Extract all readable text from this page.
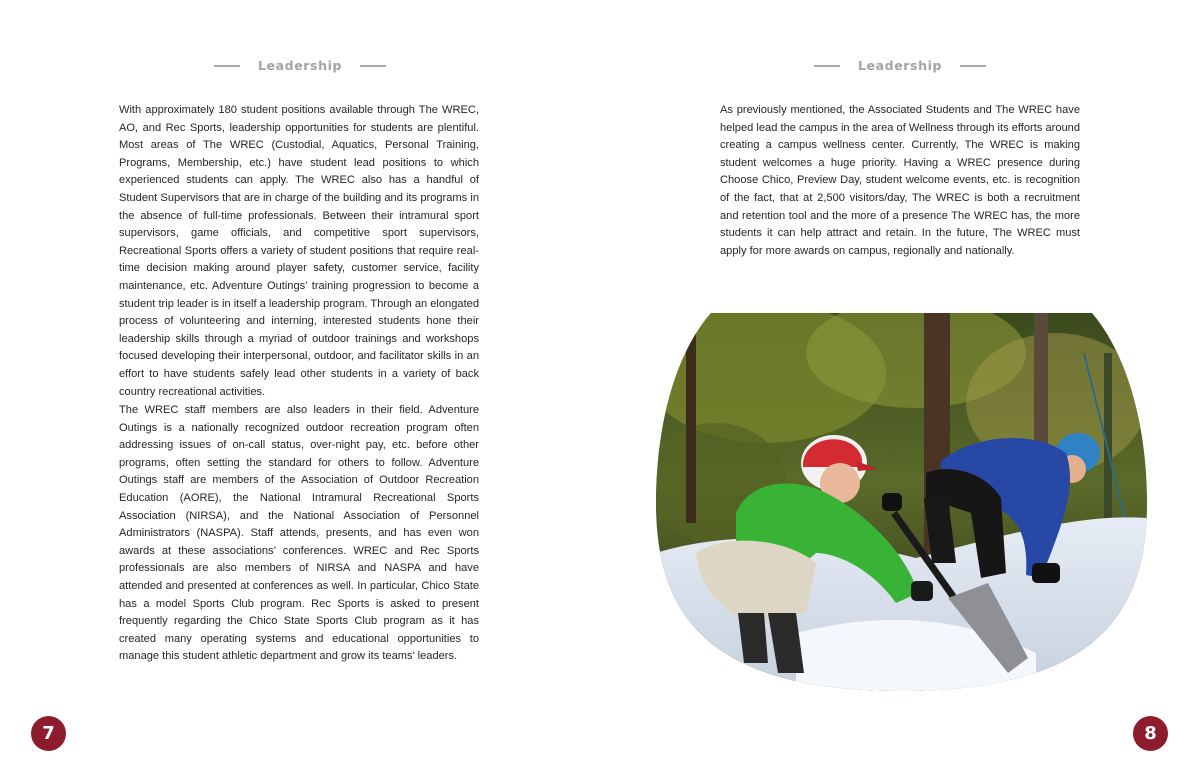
Leadership

With approximately 180 student positions available through The WREC, AO, and Rec Sports, leadership opportunities for students are plentiful. Most areas of The WREC (Custodial, Aquatics, Personal Training, Programs, Membership, etc.) have student lead positions to which experienced students can apply. The WREC also has a handful of Student Supervisors that are in charge of the building and its programs in the absence of full-time professionals. Between their intramural sport supervisors, game officials, and competitive sport supervisors, Recreational Sports offers a variety of student positions that require real-time decision making around player safety, customer service, facility maintenance, etc. Adventure Outings’ training progression to become a student trip leader is in itself a leadership program. Through an elongated process of volunteering and interning, interested students hone their leadership skills through a myriad of outdoor trainings and workshops focused developing their interpersonal, outdoor, and facilitator skills in an effort to have students safely lead other students in a variety of back country recreational activities.

The WREC staff members are also leaders in their field. Adventure Outings is a nationally recognized outdoor recreation program often addressing issues of on-call status, over-night pay, etc. before other programs, often setting the standard for others to follow. Adventure Outings staff are members of the Association of Outdoor Recreation Education (AORE), the National Intramural Recreational Sports Association (NIRSA), and the National Association of Personnel Administrators (NASPA). Staff attends, presents, and has even won awards at these associations’ conferences. WREC and Rec Sports professionals are also members of NIRSA and NASPA and have attended and presented at conferences as well. In particular, Chico State has a model Sports Club program. Rec Sports is asked to present frequently regarding the Chico State Sports Club program as it has created many operating systems and educational opportunities to manage this student athletic department and grow its teams’ leaders.

Leadership

As previously mentioned, the Associated Students and The WREC have helped lead the campus in the area of Wellness through its efforts around creating a campus wellness center. Currently, The WREC is making student welcomes a huge priority. Having a WREC presence during Choose Chico, Preview Day, student welcome events, etc. is recognition of the fact, that at 2,500 visitors/day, The WREC is both a recruitment and retention tool and the more of a presence The WREC has, the more students it can help attract and retain. In the future, The WREC must apply for more awards on campus, regionally and nationally.

7	8
